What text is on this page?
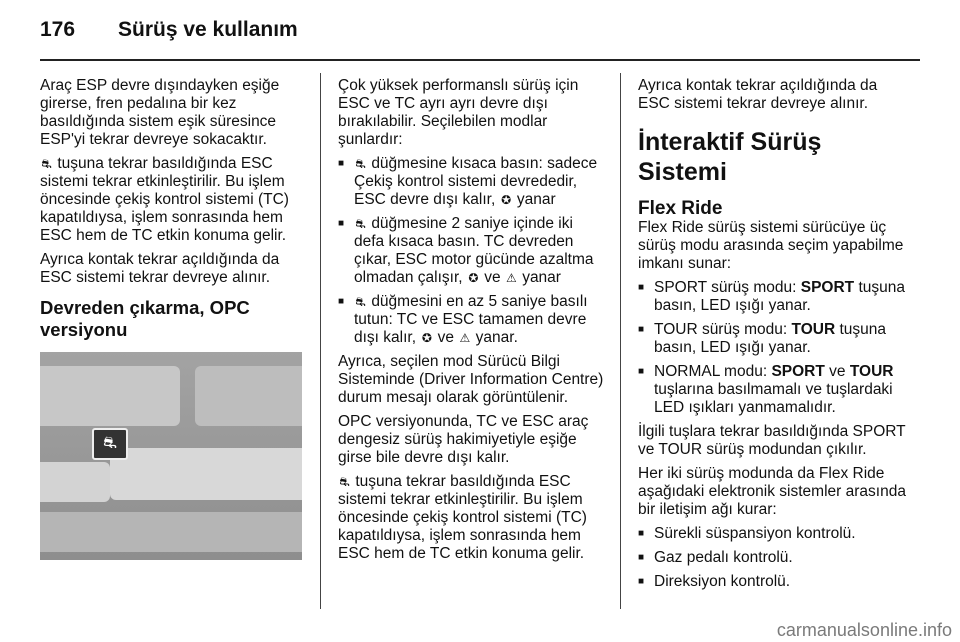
176 Sürüş ve kullanım

Araç ESP devre dışındayken eşiğe girerse, fren pedalına bir kez basıldığında sistem eşik süresince ESP'yi tekrar devreye sokacaktır.

⛐ tuşuna tekrar basıldığında ESC sistemi tekrar etkinleştirilir. Bu işlem öncesinde çekiş kontrol sistemi (TC) kapatıldıysa, işlem sonrasında hem ESC hem de TC etkin konuma gelir.

Ayrıca kontak tekrar açıldığında da ESC sistemi tekrar devreye alınır.

Devreden çıkarma, OPC versiyonu
⛐

Çok yüksek performanslı sürüş için ESC ve TC ayrı ayrı devre dışı bırakılabilir. Seçilebilen modlar şunlardır:

■ ⛐ düğmesine kısaca basın: sadece Çekiş kontrol sistemi devrededir, ESC devre dışı kalır, ✪ yanar
■ ⛐ düğmesine 2 saniye içinde iki defa kısaca basın. TC devreden çıkar, ESC motor gücünde azaltma olmadan çalışır, ✪ ve ⚠ yanar
■ ⛐ düğmesini en az 5 saniye basılı tutun: TC ve ESC tamamen devre dışı kalır, ✪ ve ⚠ yanar.

Ayrıca, seçilen mod Sürücü Bilgi Sisteminde (Driver Information Centre) durum mesajı olarak görüntülenir.

OPC versiyonunda, TC ve ESC araç dengesiz sürüş hakimiyetiyle eşiğe girse bile devre dışı kalır.

⛐ tuşuna tekrar basıldığında ESC sistemi tekrar etkinleştirilir. Bu işlem öncesinde çekiş kontrol sistemi (TC) kapatıldıysa, işlem sonrasında hem ESC hem de TC etkin konuma gelir.

Ayrıca kontak tekrar açıldığında da ESC sistemi tekrar devreye alınır.

İnteraktif Sürüş Sistemi
Flex Ride

Flex Ride sürüş sistemi sürücüye üç sürüş modu arasında seçim yapabilme imkanı sunar:

■ SPORT sürüş modu: SPORT tuşuna basın, LED ışığı yanar.
■ TOUR sürüş modu: TOUR tuşuna basın, LED ışığı yanar.
■ NORMAL modu: SPORT ve TOUR tuşlarına basılmamalı ve tuşlardaki LED ışıkları yanmamalıdır.

İlgili tuşlara tekrar basıldığında SPORT ve TOUR sürüş modundan çıkılır.

Her iki sürüş modunda da Flex Ride aşağıdaki elektronik sistemler arasında bir iletişim ağı kurar:

■ Sürekli süspansiyon kontrolü.
■ Gaz pedalı kontrolü.
■ Direksiyon kontrolü.
carmanualsonline.info
